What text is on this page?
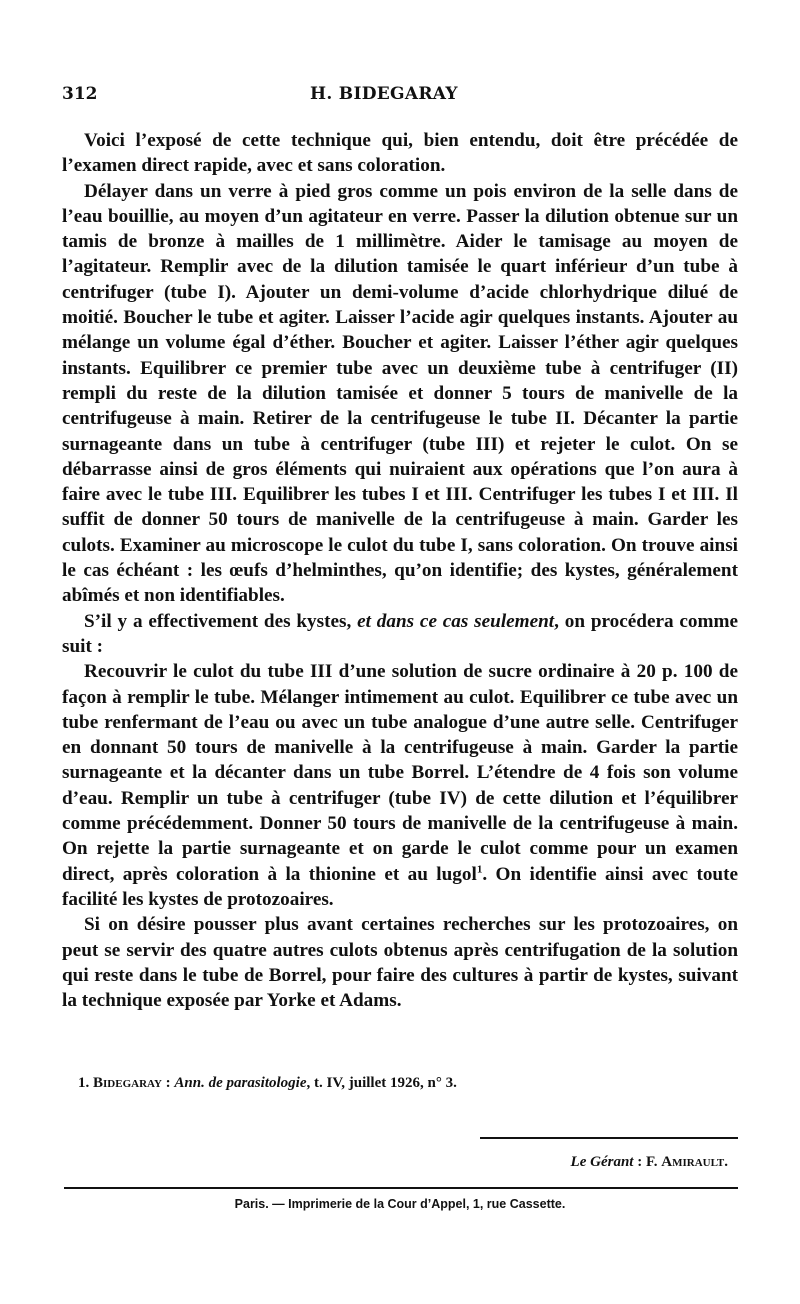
312	H. BIDEGARAY

Voici l’exposé de cette technique qui, bien entendu, doit être précédée de l’examen direct rapide, avec et sans coloration.

Délayer dans un verre à pied gros comme un pois environ de la selle dans de l’eau bouillie, au moyen d’un agitateur en verre. Passer la dilution obtenue sur un tamis de bronze à mailles de 1 millimètre. Aider le tamisage au moyen de l’agitateur. Remplir avec de la dilution tamisée le quart inférieur d’un tube à centrifuger (tube I). Ajouter un demi-volume d’acide chlorhydrique dilué de moitié. Boucher le tube et agiter. Laisser l’acide agir quelques instants. Ajouter au mélange un volume égal d’éther. Boucher et agiter. Laisser l’éther agir quelques instants. Equilibrer ce premier tube avec un deuxième tube à centrifuger (II) rempli du reste de la dilution tamisée et donner 5 tours de manivelle de la centrifugeuse à main. Retirer de la centrifugeuse le tube II. Décanter la partie surnageante dans un tube à centrifuger (tube III) et rejeter le culot. On se débarrasse ainsi de gros éléments qui nuiraient aux opérations que l’on aura à faire avec le tube III. Equilibrer les tubes I et III. Centrifuger les tubes I et III. Il suffit de donner 50 tours de manivelle de la centrifugeuse à main. Garder les culots. Examiner au microscope le culot du tube I, sans coloration. On trouve ainsi le cas échéant : les œufs d’helminthes, qu’on identifie; des kystes, généralement abîmés et non identifiables.

S’il y a effectivement des kystes, et dans ce cas seulement, on procédera comme suit :

Recouvrir le culot du tube III d’une solution de sucre ordinaire à 20 p. 100 de façon à remplir le tube. Mélanger intimement au culot. Equilibrer ce tube avec un tube renfermant de l’eau ou avec un tube analogue d’une autre selle. Centrifuger en donnant 50 tours de manivelle à la centrifugeuse à main. Garder la partie surnageante et la décanter dans un tube Borrel. L’étendre de 4 fois son volume d’eau. Remplir un tube à centrifuger (tube IV) de cette dilution et l’équilibrer comme précédemment. Donner 50 tours de manivelle de la centrifugeuse à main. On rejette la partie surnageante et on garde le culot comme pour un examen direct, après coloration à la thionine et au lugol$^1$. On identifie ainsi avec toute facilité les kystes de protozoaires.

Si on désire pousser plus avant certaines recherches sur les protozoaires, on peut se servir des quatre autres culots obtenus après centrifugation de la solution qui reste dans le tube de Borrel, pour faire des cultures à partir de kystes, suivant la technique exposée par Yorke et Adams.

1. Bidegaray : Ann. de parasitologie, t. IV, juillet 1926, n° 3.
Le Gérant : F. Amirault.
Paris. — Imprimerie de la Cour d’Appel, 1, rue Cassette.
